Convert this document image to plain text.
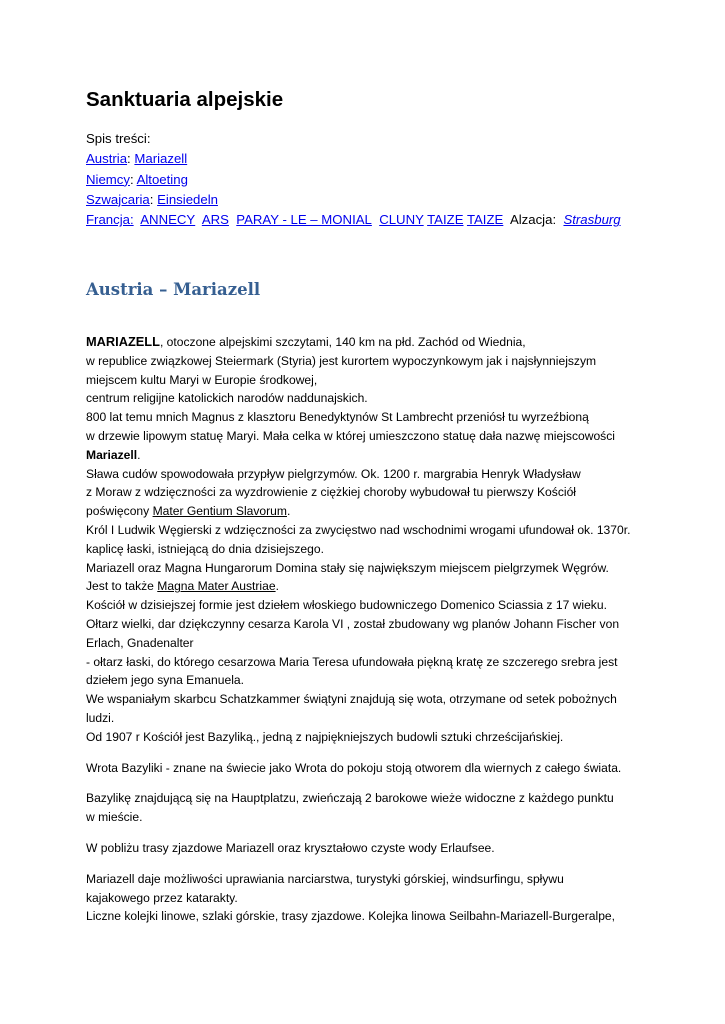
Sanktuaria alpejskie
Spis treści:
Austria: Mariazell
Niemcy: Altoeting
Szwajcaria: Einsiedeln
Francja: ANNECY ARS PARAY - LE – MONIAL CLUNY TAIZE TAIZE Alzacja: Strasburg
Austria – Mariazell
MARIAZELL, otoczone alpejskimi szczytami, 140 km na płd. Zachód od Wiednia,
w republice związkowej Steiermark (Styria) jest kurortem wypoczynkowym jak i najsłynniejszym
miejscem kultu Maryi w Europie środkowej,
centrum religijne katolickich narodów naddunajskich.
800 lat temu mnich Magnus z klasztoru Benedyktynów St Lambrecht przeniósł tu wyrzeźbioną
w drzewie lipowym statuę Maryi. Mała celka w której umieszczono statuę dała nazwę miejscowości
Mariazell.
Sława cudów spowodowała przypływ pielgrzymów. Ok. 1200 r. margrabia Henryk Władysław
z Moraw z wdzięczności za wyzdrowienie z ciężkiej choroby wybudował tu pierwszy Kościół
poświęcony Mater Gentium Slavorum.
Król I Ludwik Węgierski z wdzięczności za zwycięstwo nad wschodnimi wrogami ufundował ok. 1370r.
kaplicę łaski, istniejącą do dnia dzisiejszego.
Mariazell oraz Magna Hungarorum Domina stały się największym miejscem pielgrzymek Węgrów.
Jest to także Magna Mater Austriae.
Kościół w dzisiejszej formie jest dziełem włoskiego budowniczego Domenico Sciassia z 17 wieku.
Ołtarz wielki, dar dziękczynny cesarza Karola VI , został zbudowany wg planów Johann Fischer von
Erlach, Gnadenalter
- ołtarz łaski, do którego cesarzowa Maria Teresa ufundowała piękną kratę ze szczerego srebra jest
dziełem jego syna Emanuela.
We wspaniałym skarbcu Schatzkammer świątyni znajdują się wota, otrzymane od setek pobożnych
ludzi.
Od 1907 r Kościół jest Bazyliką., jedną z najpiękniejszych budowli sztuki chrześcijańskiej.
Wrota Bazyliki - znane na świecie jako Wrota do pokoju stoją otworem dla wiernych z całego świata.
Bazylikę znajdującą się na Hauptplatzu, zwieńczają 2 barokowe wieże widoczne z każdego punktu
w mieście.
W pobliżu trasy zjazdowe Mariazell oraz kryształowo czyste wody Erlaufsee.
Mariazell daje możliwości uprawiania narciarstwa, turystyki górskiej, windsurfingu, spływu
kajakowego przez katarakty.
Liczne kolejki linowe, szlaki górskie, trasy zjazdowe. Kolejka linowa Seilbahn-Mariazell-Burgeralpe,
